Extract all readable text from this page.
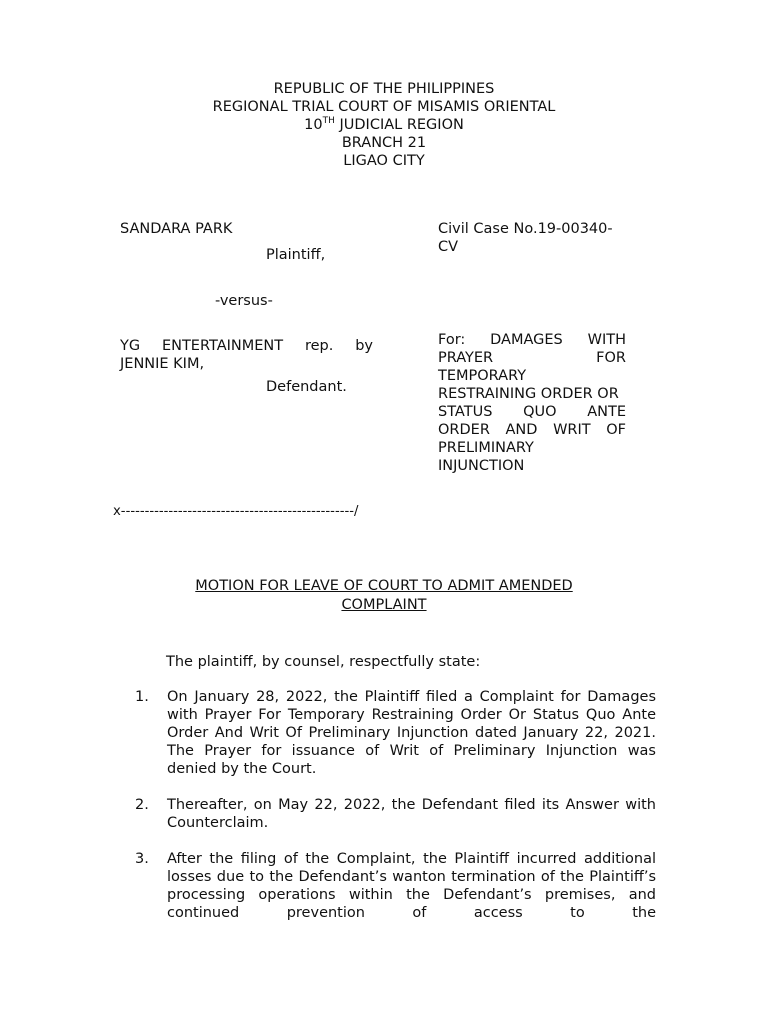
REPUBLIC OF THE PHILIPPINES
REGIONAL TRIAL COURT OF MISAMIS ORIENTAL
10TH JUDICIAL REGION
BRANCH 21
LIGAO CITY
SANDARA PARK
Plaintiff,
-versus-
YG ENTERTAINMENT rep. by
JENNIE KIM,
Defendant.
Civil Case No.19-00340-
CV
For: DAMAGES WITH
PRAYER FOR
TEMPORARY
RESTRAINING ORDER OR
STATUS QUO ANTE
ORDER AND WRIT OF
PRELIMINARY
INJUNCTION
x-------------------------------------------------/
MOTION FOR LEAVE OF COURT TO ADMIT AMENDED
COMPLAINT
The plaintiff, by counsel, respectfully state:
1. On January 28, 2022, the Plaintiff filed a Complaint for Damages with Prayer For Temporary Restraining Order Or Status Quo Ante Order And Writ Of Preliminary Injunction dated January 22, 2021. The Prayer for issuance of Writ of Preliminary Injunction was denied by the Court.
2. Thereafter, on May 22, 2022, the Defendant filed its Answer with Counterclaim.
3. After the filing of the Complaint, the Plaintiff incurred additional losses due to the Defendant’s wanton termination of the Plaintiff’s processing operations within the Defendant’s premises, and continued prevention of access to the
